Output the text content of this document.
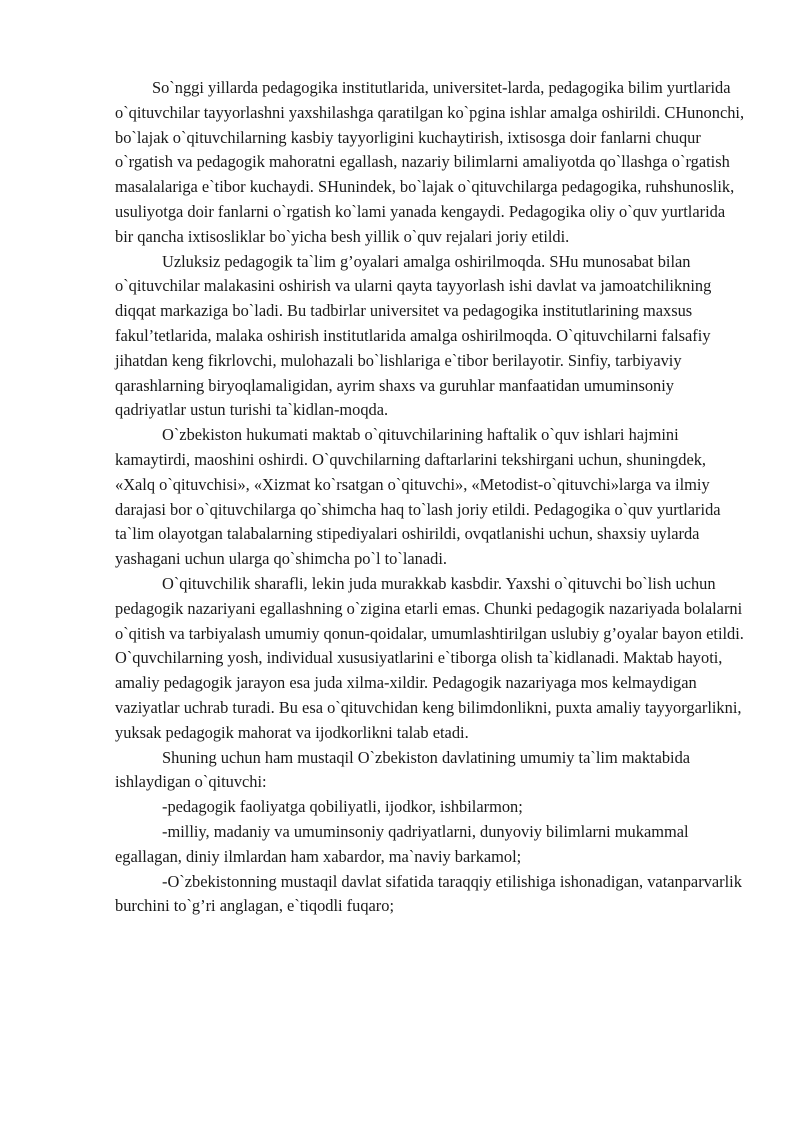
So`nggi yillarda pedagogika institutlarida, universitet-larda, pedagogika bilim yurtlarida o`qituvchilar tayyorlashni yaxshilashga qaratilgan ko`pgina ishlar amalga oshirildi. CHunonchi, bo`lajak o`qituvchilarning kasbiy tayyorligini kuchaytirish, ixtisosga doir fanlarni chuqur o`rgatish va pedagogik mahoratni egallash, nazariy bilimlarni amaliyotda qo`llashga o`rgatish masalalariga e`tibor kuchaydi. SHunindek, bo`lajak o`qituvchilarga pedagogika, ruhshunoslik, usuliyotga doir fanlarni o`rgatish ko`lami yanada kengaydi. Pedagogika oliy o`quv yurtlarida bir qancha ixtisosliklar bo`yicha besh yillik o`quv rejalari joriy etildi.

Uzluksiz pedagogik ta`lim g’oyalari amalga oshirilmoqda. SHu munosabat bilan o`qituvchilar malakasini oshirish va ularni qayta tayyorlash ishi davlat va jamoatchilikning diqqat markaziga bo`ladi. Bu tadbirlar universitet va pedagogika institutlarining maxsus fakul’tetlarida, malaka oshirish institutlarida amalga oshirilmoqda. O`qituvchilarni falsafiy jihatdan keng fikrlovchi, mulohazali bo`lishlariga e`tibor berilayotir. Sinfiy, tarbiyaviy qarashlarning biryoqlamaligidan, ayrim shaxs va guruhlar manfaatidan umuminsoniy qadriyatlar ustun turishi ta`kidlan-moqda.

O`zbekiston hukumati maktab o`qituvchilarining haftalik o`quv ishlari hajmini kamaytirdi, maoshini oshirdi. O`quvchilarning daftarlarini tekshirgani uchun, shuningdek, «Xalq o`qituvchisi», «Xizmat ko`rsatgan o`qituvchi», «Metodist-o`qituvchi»larga va ilmiy darajasi bor o`qituvchilarga qo`shimcha haq to`lash joriy etildi. Pedagogika o`quv yurtlarida ta`lim olayotgan talabalarning stipediyalari oshirildi, ovqatlanishi uchun, shaxsiy uylarda yashagani uchun ularga qo`shimcha po`l to`lanadi.

O`qituvchilik sharafli, lekin juda murakkab kasbdir. Yaxshi o`qituvchi bo`lish uchun pedagogik nazariyani egallashning o`zigina etarli emas. Chunki pedagogik nazariyada bolalarni o`qitish va tarbiyalash umumiy qonun-qoidalar, umumlashtirilgan uslubiy g’oyalar bayon etildi. O`quvchilarning yosh, individual xususiyatlarini e`tiborga olish ta`kidlanadi. Maktab hayoti, amaliy pedagogik jarayon esa juda xilma-xildir. Pedagogik nazariyaga mos kelmaydigan vaziyatlar uchrab turadi. Bu esa o`qituvchidan keng bilimdonlikni, puxta amaliy tayyorgarlikni, yuksak pedagogik mahorat va ijodkorlikni talab etadi.

Shuning uchun ham mustaqil O`zbekiston davlatining umumiy ta`lim maktabida ishlaydigan o`qituvchi:

-pedagogik faoliyatga qobiliyatli, ijodkor, ishbilarmon;

-milliy, madaniy va umuminsoniy qadriyatlarni, dunyoviy bilimlarni mukammal egallagan, diniy ilmlardan ham xabardor, ma`naviy barkamol;

-O`zbekistonning mustaqil davlat sifatida taraqqiy etilishiga ishonadigan, vatanparvarlik burchini to`g’ri anglagan, e`tiqodli fuqaro;
